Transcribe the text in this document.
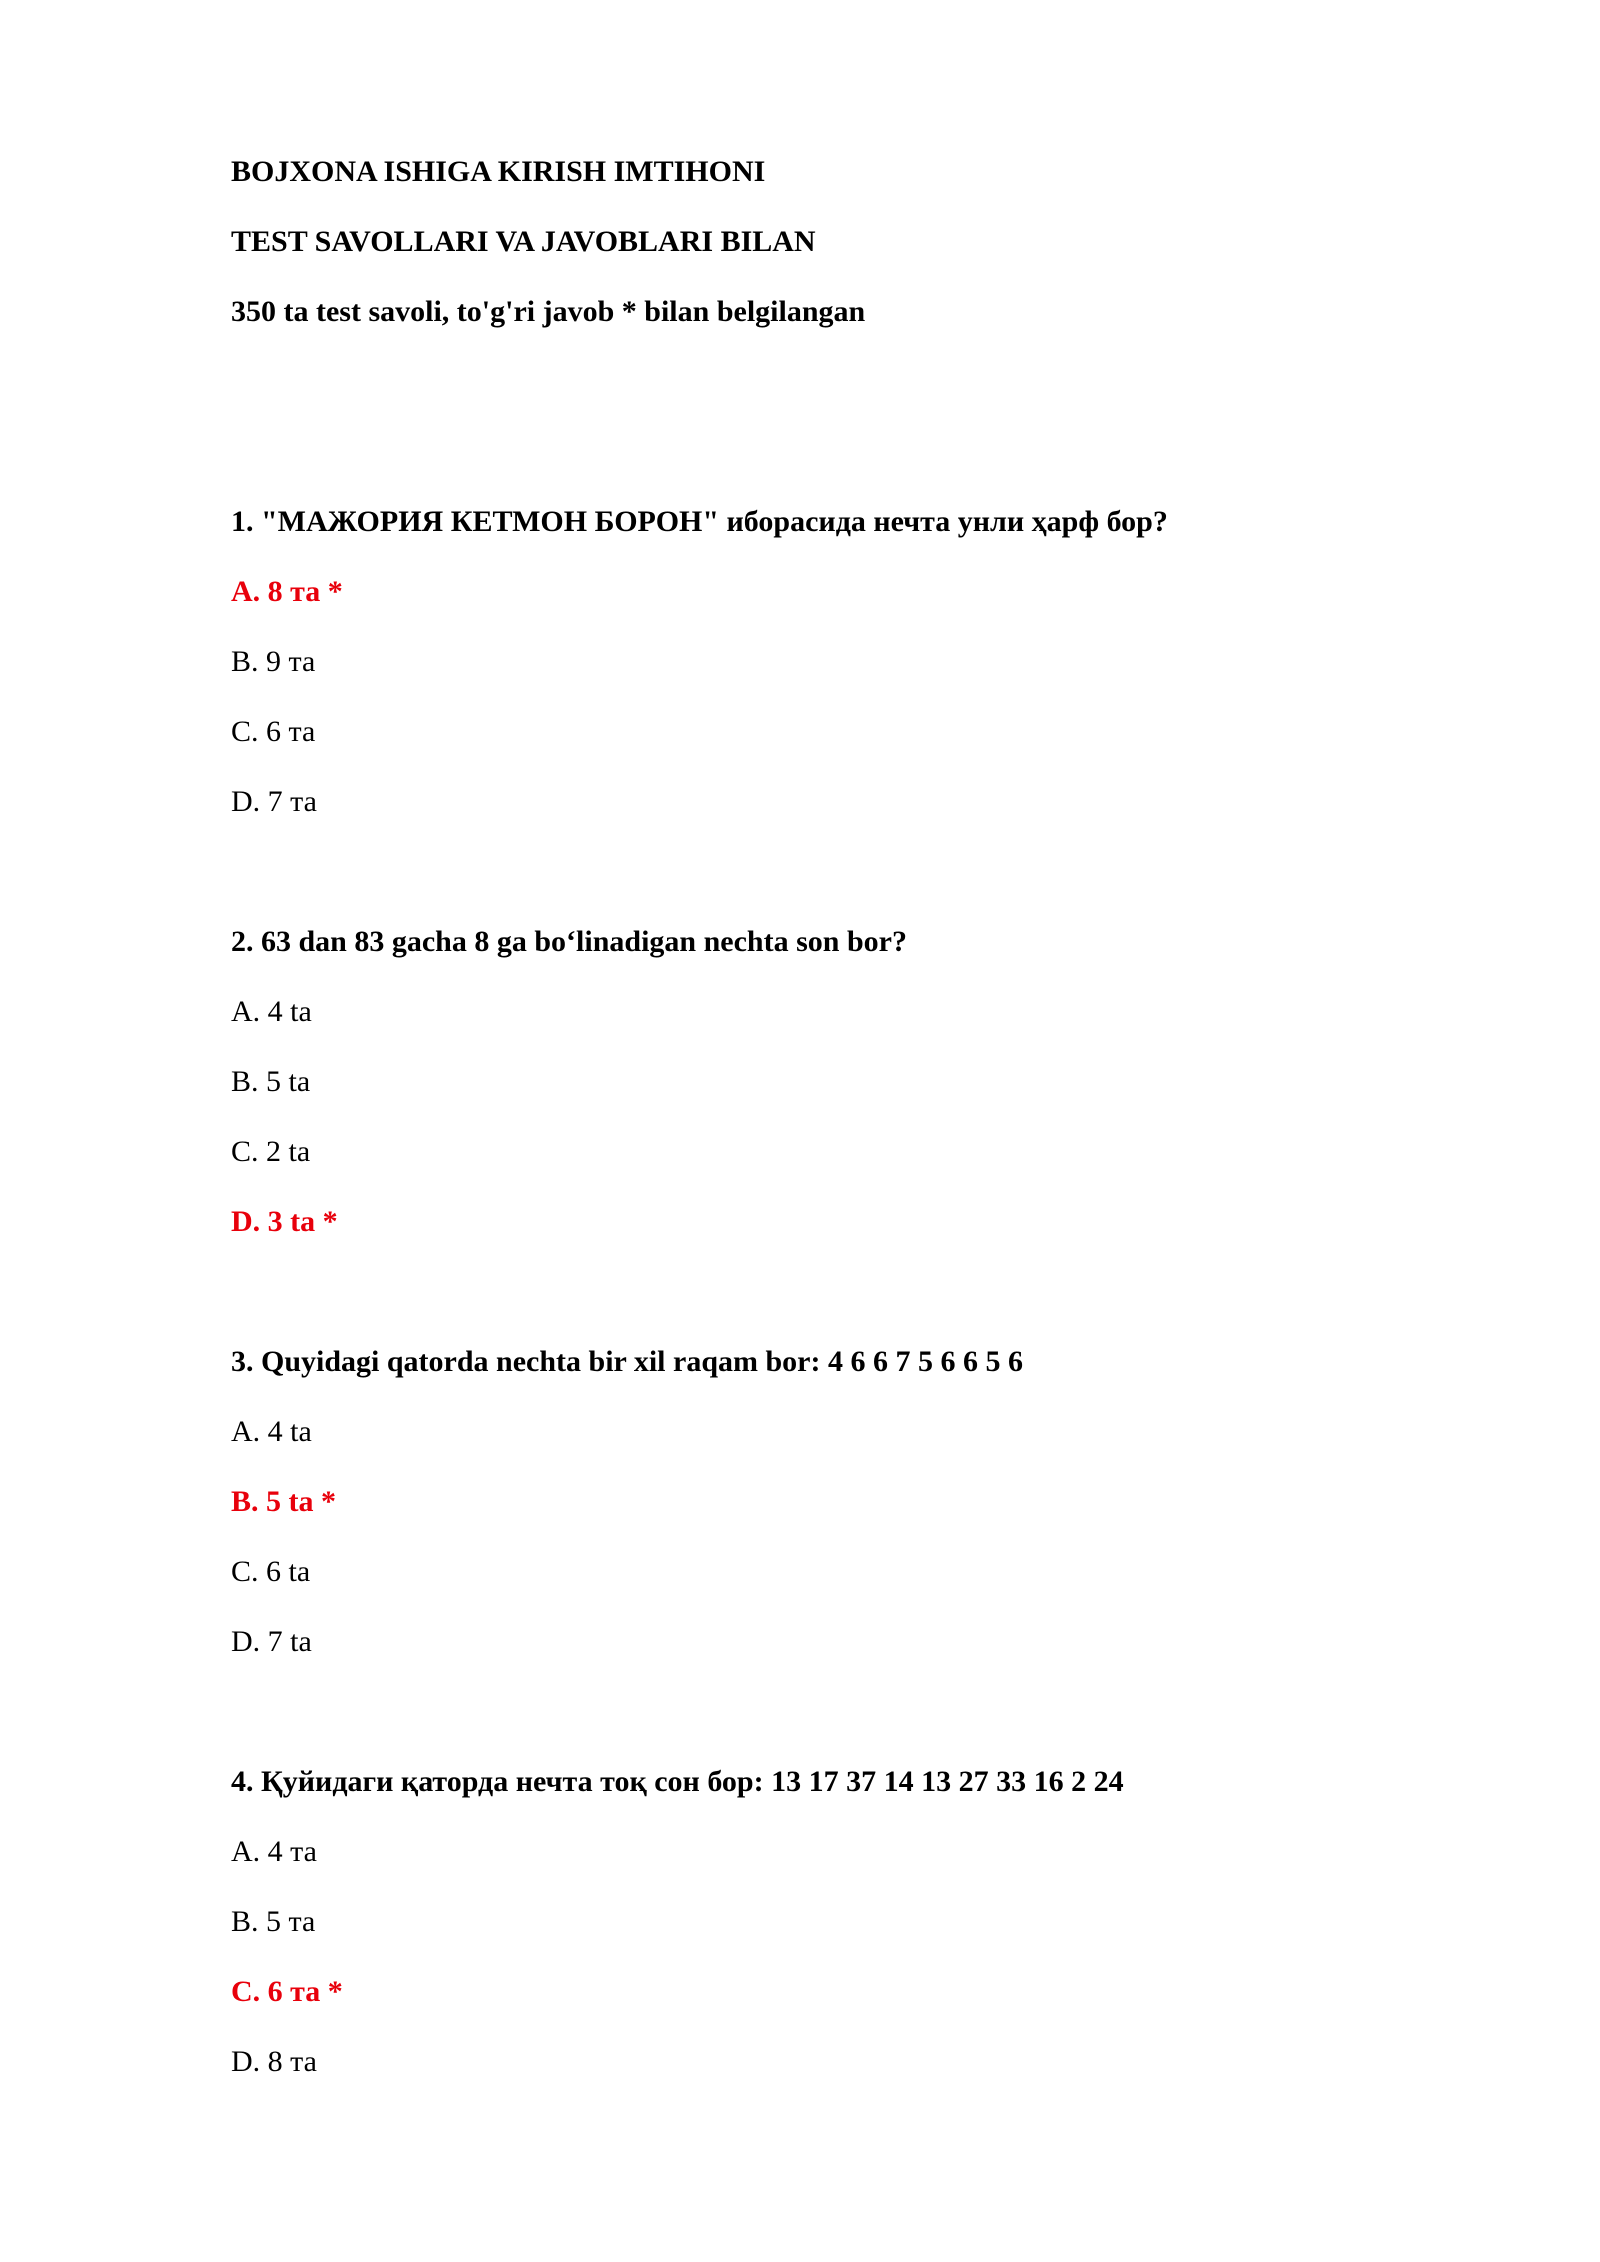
BOJXONA ISHIGA KIRISH IMTIHONI

TEST SAVOLLARI VA JAVOBLARI BILAN

350 ta test savoli, to'g'ri javob * bilan belgilangan

1. "МАЖОРИЯ КЕТМОН БОРОН" иборасида нечта унли ҳарф бор?

A. 8 та *

B. 9 та

C. 6 та

D. 7 та

2. 63 dan 83 gacha 8 ga bo‘linadigan nechta son bor?

A. 4 ta

B. 5 ta

C. 2 ta

D. 3 ta *

3. Quyidagi qatorda nechta bir xil raqam bor: 4 6 6 7 5 6 6 5 6

A. 4 ta

B. 5 ta *

C. 6 ta

D. 7 ta

4. Қуйидаги қаторда нечта тоқ сон бор: 13 17 37 14 13 27 33 16 2 24

A. 4 та

B. 5 та

C. 6 та *

D. 8 та
